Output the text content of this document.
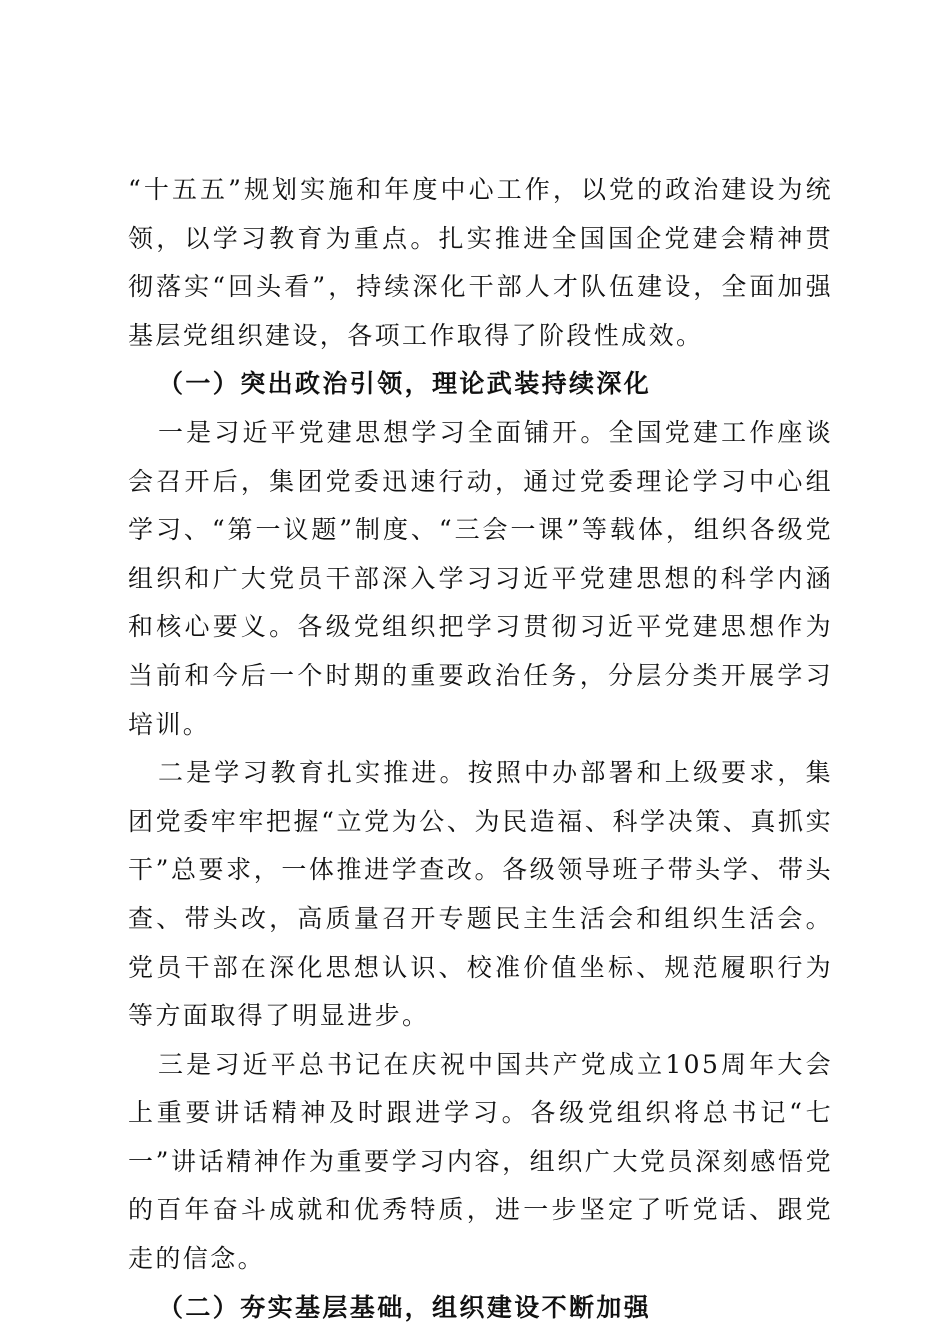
“十五五”规划实施和年度中心工作，以党的政治建设为统领，以学习教育为重点。扎实推进全国国企党建会精神贯彻落实“回头看”，持续深化干部人才队伍建设，全面加强基层党组织建设，各项工作取得了阶段性成效。

（一）突出政治引领，理论武装持续深化

一是习近平党建思想学习全面铺开。全国党建工作座谈会召开后，集团党委迅速行动，通过党委理论学习中心组学习、“第一议题”制度、“三会一课”等载体，组织各级党组织和广大党员干部深入学习习近平党建思想的科学内涵和核心要义。各级党组织把学习贯彻习近平党建思想作为当前和今后一个时期的重要政治任务，分层分类开展学习培训。

二是学习教育扎实推进。按照中办部署和上级要求，集团党委牢牢把握“立党为公、为民造福、科学决策、真抓实干”总要求，一体推进学查改。各级领导班子带头学、带头查、带头改，高质量召开专题民主生活会和组织生活会。党员干部在深化思想认识、校准价值坐标、规范履职行为等方面取得了明显进步。

三是习近平总书记在庆祝中国共产党成立105周年大会上重要讲话精神及时跟进学习。各级党组织将总书记“七一”讲话精神作为重要学习内容，组织广大党员深刻感悟党的百年奋斗成就和优秀特质，进一步坚定了听党话、跟党走的信念。

（二）夯实基层基础，组织建设不断加强
